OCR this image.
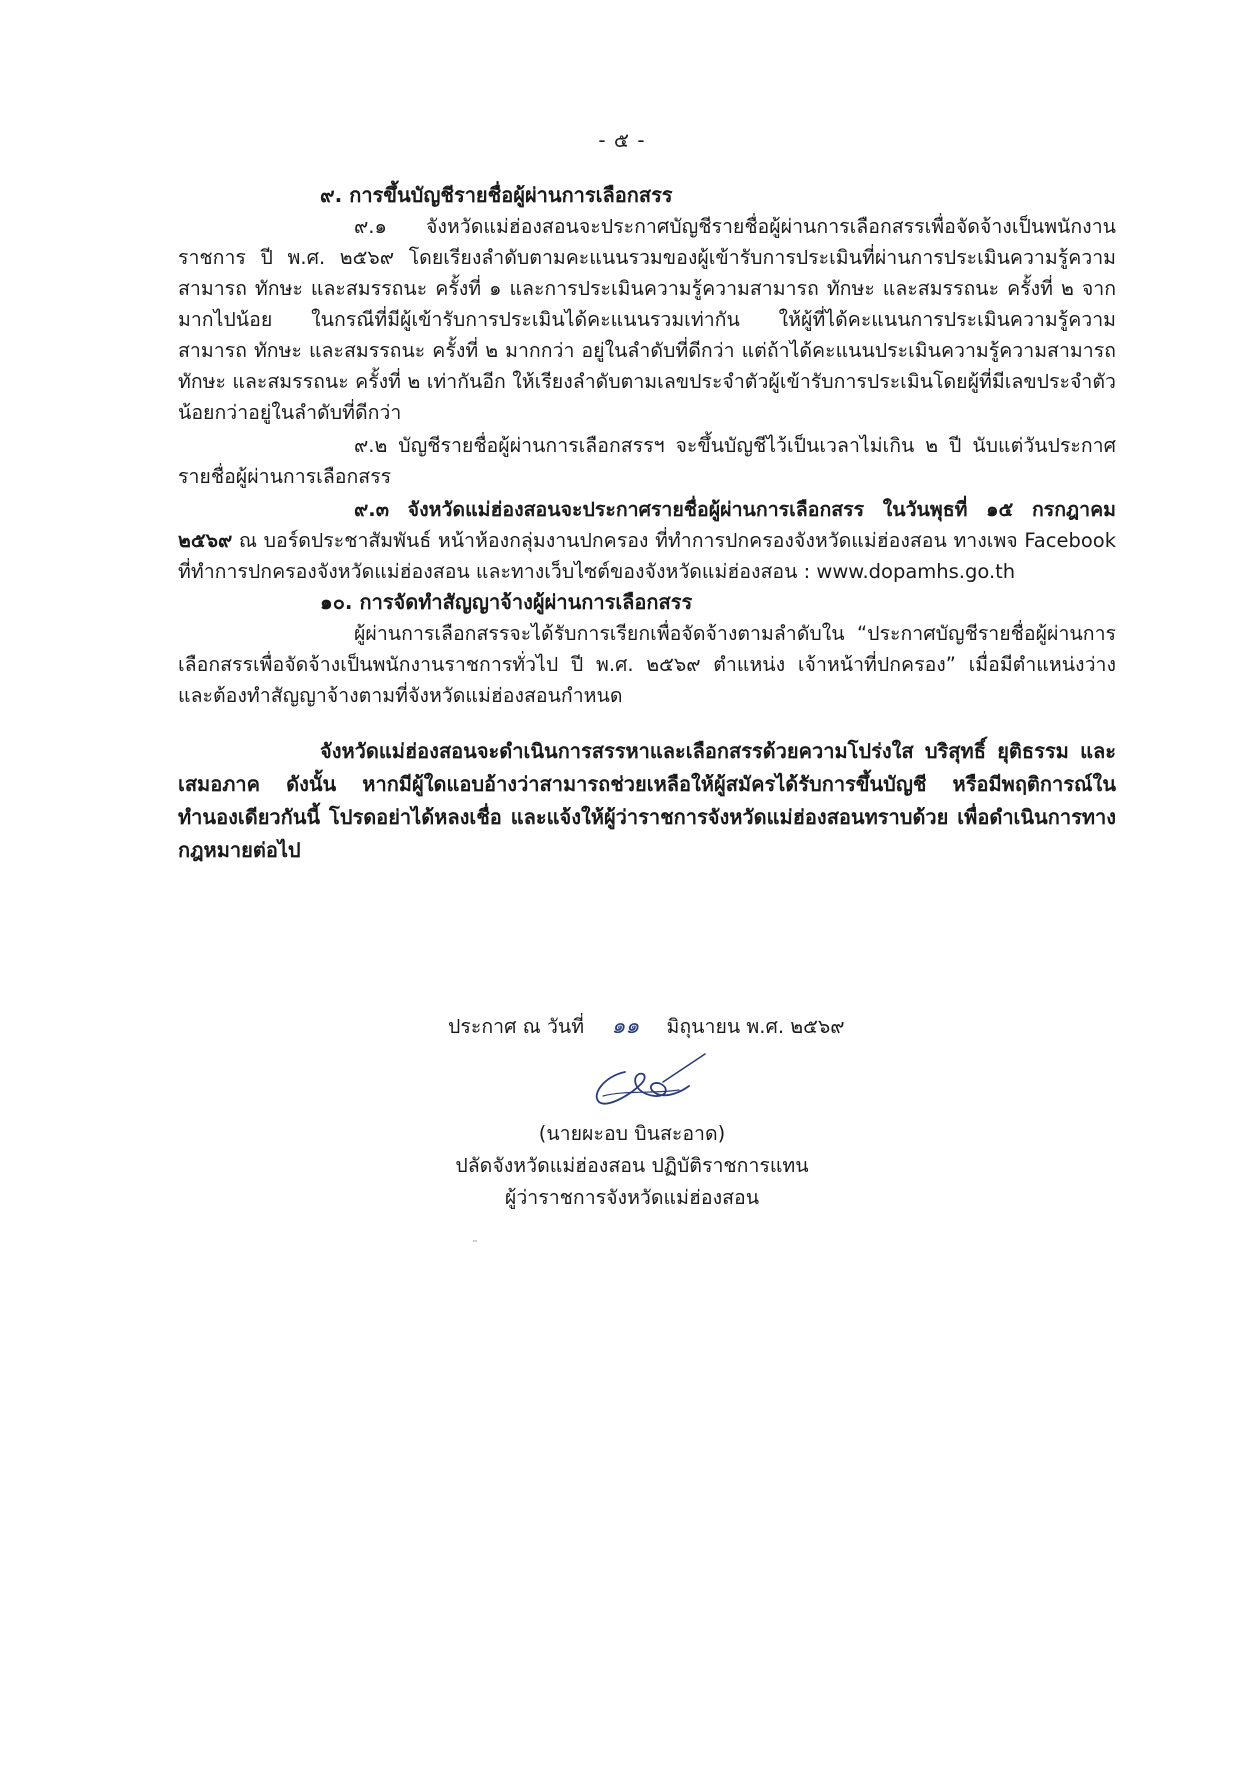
- ๕ -

๙. การขึ้นบัญชีรายชื่อผู้ผ่านการเลือกสรร

๙.๑ จังหวัดแม่ฮ่องสอนจะประกาศบัญชีรายชื่อผู้ผ่านการเลือกสรรเพื่อจัดจ้างเป็นพนักงานราชการ ปี พ.ศ. ๒๕๖๙ โดยเรียงลำดับตามคะแนนรวมของผู้เข้ารับการประเมินที่ผ่านการประเมินความรู้ความสามารถ ทักษะ และสมรรถนะ ครั้งที่ ๑ และการประเมินความรู้ความสามารถ ทักษะ และสมรรถนะ ครั้งที่ ๒ จากมากไปน้อย ในกรณีที่มีผู้เข้ารับการประเมินได้คะแนนรวมเท่ากัน ให้ผู้ที่ได้คะแนนการประเมินความรู้ความสามารถ ทักษะ และสมรรถนะ ครั้งที่ ๒ มากกว่า อยู่ในลำดับที่ดีกว่า แต่ถ้าได้คะแนนประเมินความรู้ความสามารถ ทักษะ และสมรรถนะ ครั้งที่ ๒ เท่ากันอีก ให้เรียงลำดับตามเลขประจำตัวผู้เข้ารับการประเมินโดยผู้ที่มีเลขประจำตัวน้อยกว่าอยู่ในลำดับที่ดีกว่า

๙.๒ บัญชีรายชื่อผู้ผ่านการเลือกสรรฯ จะขึ้นบัญชีไว้เป็นเวลาไม่เกิน ๒ ปี นับแต่วันประกาศรายชื่อผู้ผ่านการเลือกสรร

๙.๓ จังหวัดแม่ฮ่องสอนจะประกาศรายชื่อผู้ผ่านการเลือกสรร ในวันพุธที่ ๑๕ กรกฎาคม ๒๕๖๙ ณ บอร์ดประชาสัมพันธ์ หน้าห้องกลุ่มงานปกครอง ที่ทำการปกครองจังหวัดแม่ฮ่องสอน ทางเพจ Facebook ที่ทำการปกครองจังหวัดแม่ฮ่องสอน และทางเว็บไซต์ของจังหวัดแม่ฮ่องสอน : www.dopamhs.go.th

๑๐. การจัดทำสัญญาจ้างผู้ผ่านการเลือกสรร

ผู้ผ่านการเลือกสรรจะได้รับการเรียกเพื่อจัดจ้างตามลำดับใน “ประกาศบัญชีรายชื่อผู้ผ่านการเลือกสรรเพื่อจัดจ้างเป็นพนักงานราชการทั่วไป ปี พ.ศ. ๒๕๖๙ ตำแหน่ง เจ้าหน้าที่ปกครอง” เมื่อมีตำแหน่งว่าง และต้องทำสัญญาจ้างตามที่จังหวัดแม่ฮ่องสอนกำหนด

จังหวัดแม่ฮ่องสอนจะดำเนินการสรรหาและเลือกสรรด้วยความโปร่งใส บริสุทธิ์ ยุติธรรม และเสมอภาค ดังนั้น หากมีผู้ใดแอบอ้างว่าสามารถช่วยเหลือให้ผู้สมัครได้รับการขึ้นบัญชี หรือมีพฤติการณ์ในทำนองเดียวกันนี้ โปรดอย่าได้หลงเชื่อ และแจ้งให้ผู้ว่าราชการจังหวัดแม่ฮ่องสอนทราบด้วย เพื่อดำเนินการทางกฎหมายต่อไป

ประกาศ ณ วันที่ ๑๑ มิถุนายน พ.ศ. ๒๕๖๙
(นายผะอบ บินสะอาด)
ปลัดจังหวัดแม่ฮ่องสอน ปฏิบัติราชการแทน
ผู้ว่าราชการจังหวัดแม่ฮ่องสอน
